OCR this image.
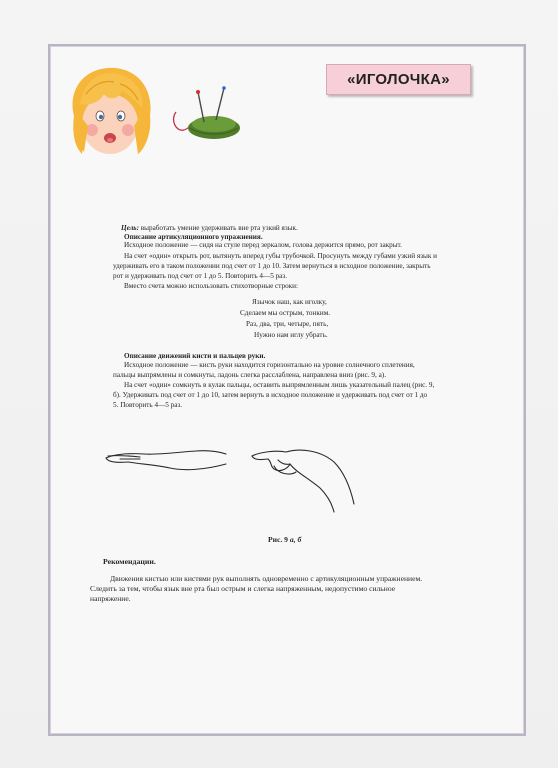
«ИГОЛОЧКА»
Цель: выработать умение удерживать вне рта узкий язык.
Описание артикуляционного упражнения.
Исходное положение — сидя на стуле перед зеркалом, голова держится прямо, рот закрыт.
На счет «один» открыть рот, вытянуть вперед губы трубочкой. Просунуть между губами узкий язык и
удерживать его в таком положении под счет от 1 до 10. Затем вернуться в исходное положение, закрыть
рот и удерживать под счет от 1 до 5. Повторить 4—5 раз.
Вместо счета можно использовать стихотворные строки:
Язычок наш, как иголку,
Сделаем мы острым, тонким.
Раз, два, три, четыре, пять,
Нужно нам иглу убрать.
Описание движений кисти и пальцев руки.
Исходное положение — кисть руки находится горизонтально на уровне солнечного сплетения,
пальцы выпрямлены и сомкнуты, ладонь слегка расслаблена, направлена вниз (рис. 9, а).
На счет «один» сомкнуть в кулак пальцы, оставить выпрямленным лишь указательный палец (рис. 9,
б). Удерживать под счет от 1 до 10, затем вернуть в исходное положение и удерживать под счет от 1 до
5. Повторить 4—5 раз.
Рис. 9 а, б
Рекомендации.
Движения кистью или кистями рук выполнять одновременно с артикуляционным упражнением.
Следить за тем, чтобы язык вне рта был острым и слегка напряженным, недопустимо сильное
напряжение.
